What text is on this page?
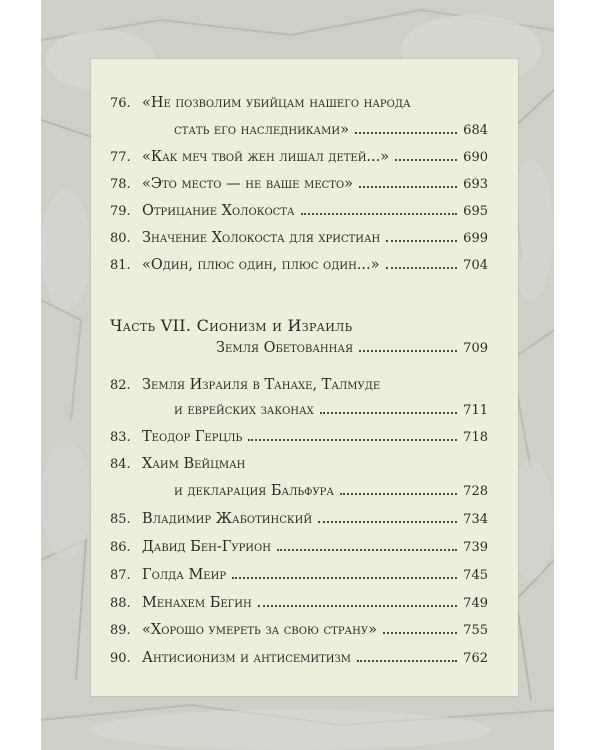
76. «Не позволим убийцам нашего народа
стать его наследниками»	684
77. «Как меч твой жен лишал детей...»	690
78. «Это место — не ваше место»	693
79. Отрицание Холокоста	695
80. Значение Холокоста для христиан	699
81. «Один, плюс один, плюс один...»	704
Часть VII. Сионизм и Израиль
Земля Обетованная	709
82. Земля Израиля в Танахе, Талмуде
и еврейских законах	711
83. Теодор Герцль	718
84. Хаим Вейцман
и декларация Бальфура	728
85. Владимир Жаботинский	734
86. Давид Бен-Гурион	739
87. Голда Меир	745
88. Менахем Бегин	749
89. «Хорошо умереть за свою страну»	755
90. Антисионизм и антисемитизм	762
